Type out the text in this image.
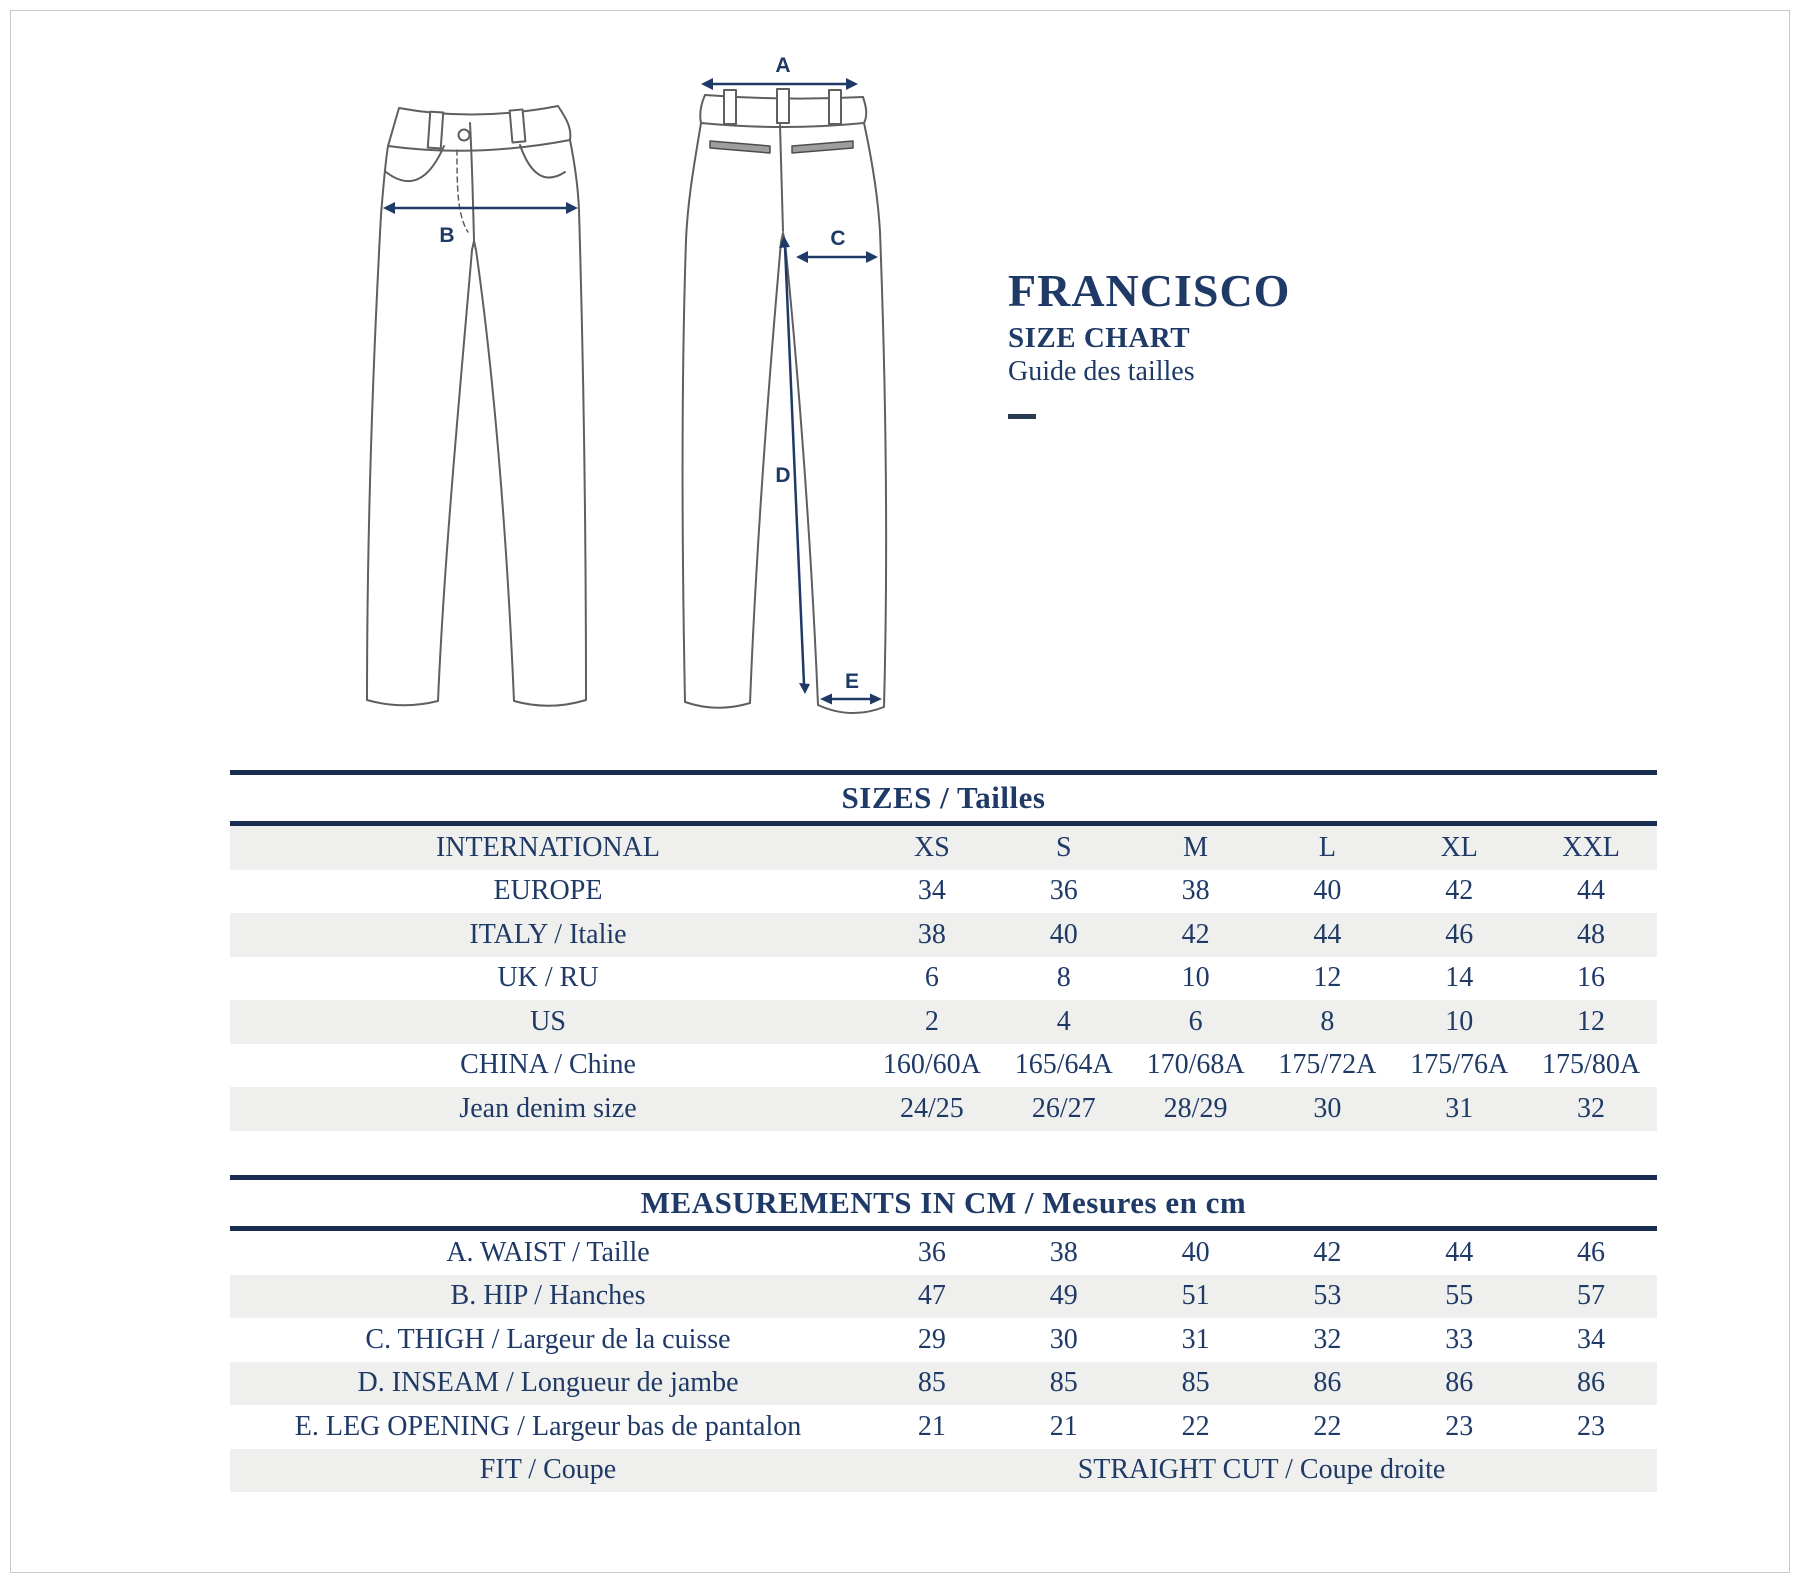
A
B	C
D
E
FRANCISCO
SIZE CHART
Guide des tailles
SIZES / Tailles
INTERNATIONAL	XS	S	M	L	XL	XXL
EUROPE	34	36	38	40	42	44
ITALY / Italie	38	40	42	44	46	48
UK / RU	6	8	10	12	14	16
US	2	4	6	8	10	12
CHINA / Chine	160/60A	165/64A	170/68A	175/72A	175/76A	175/80A
Jean denim size	24/25	26/27	28/29	30	31	32
MEASUREMENTS IN CM / Mesures en cm
A. WAIST / Taille	36	38	40	42	44	46
B. HIP / Hanches	47	49	51	53	55	57
C. THIGH / Largeur de la cuisse	29	30	31	32	33	34
D. INSEAM / Longueur de jambe	85	85	85	86	86	86
E. LEG OPENING / Largeur bas de pantalon	21	21	22	22	23	23
FIT / Coupe	STRAIGHT CUT / Coupe droite
